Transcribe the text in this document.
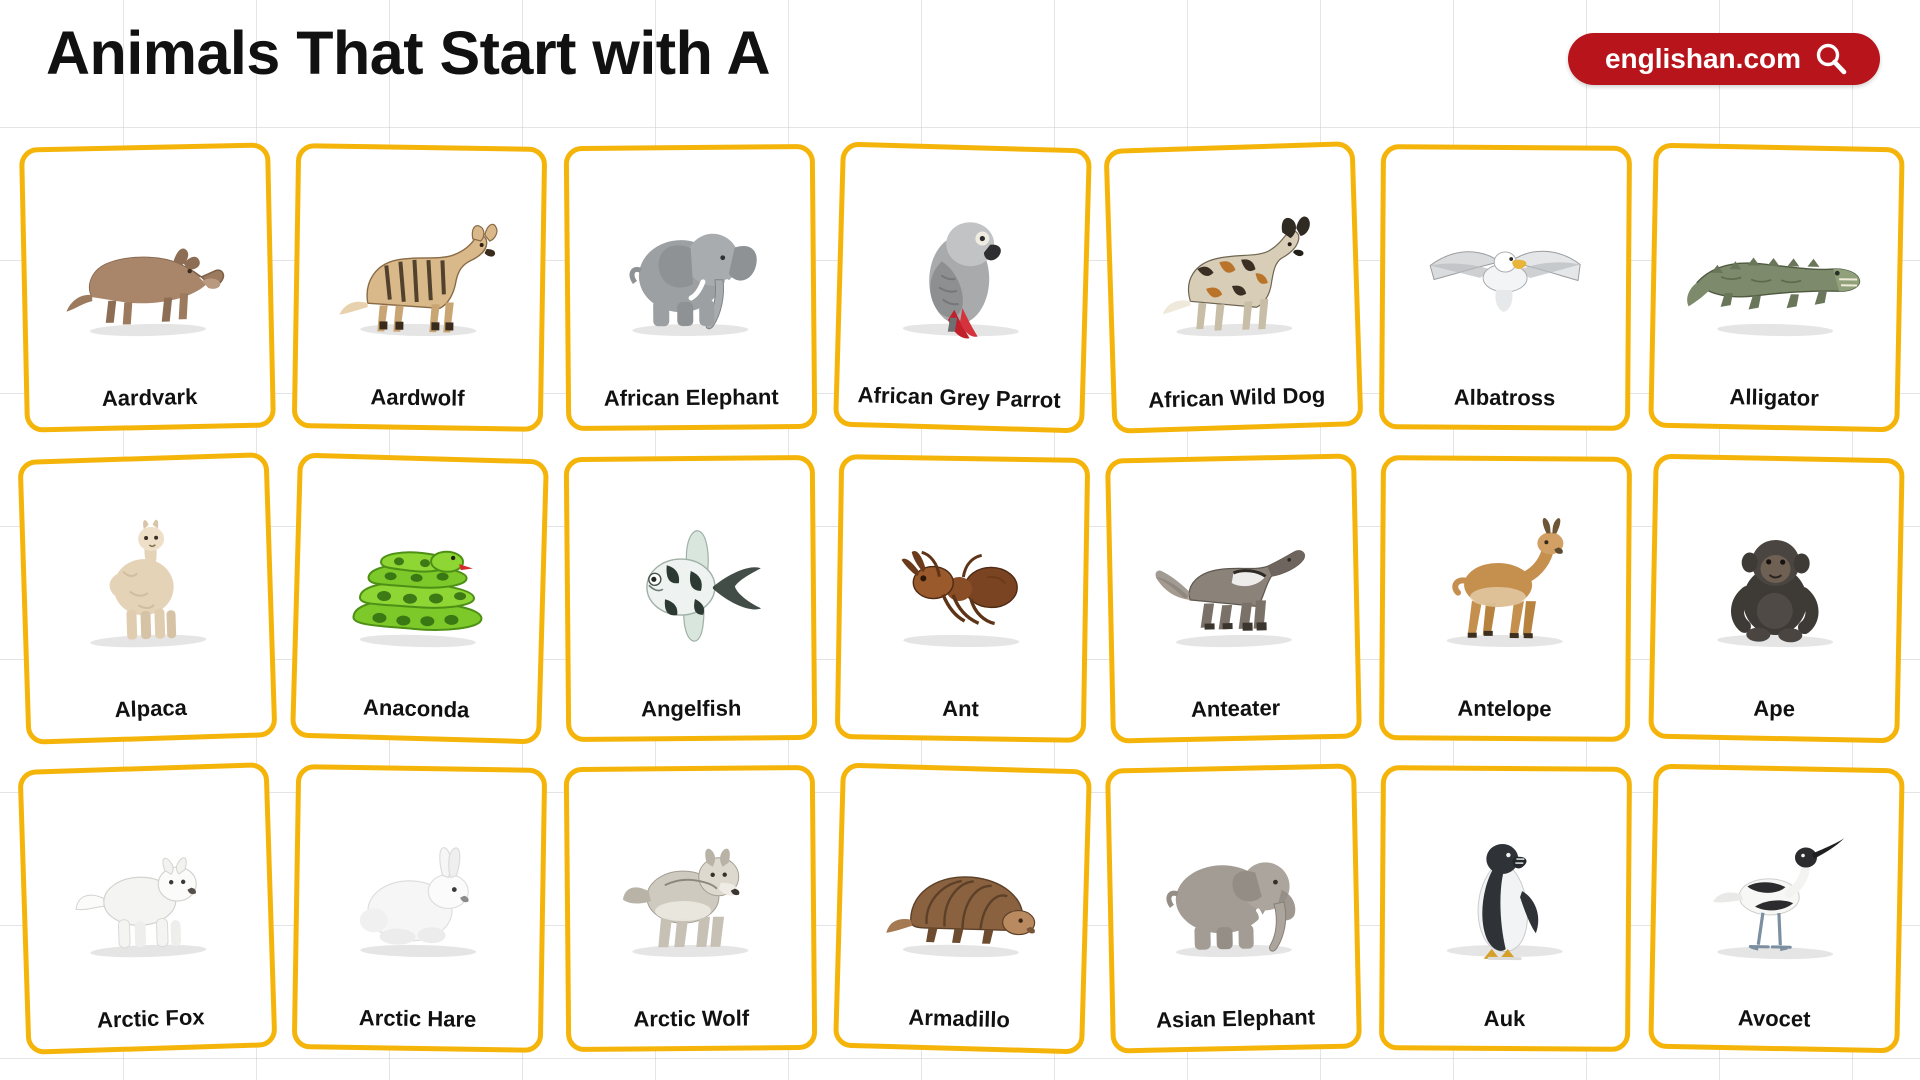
Animals That Start with A	englishan.com
Aardvark	Aardwolf	African Elephant	African Grey Parrot	African Wild Dog	Albatross	Alligator
Alpaca	Anaconda	Angelfish	Ant	Anteater	Antelope	Ape
Arctic Fox	Arctic Hare	Arctic Wolf	Armadillo	Asian Elephant	Auk	Avocet
